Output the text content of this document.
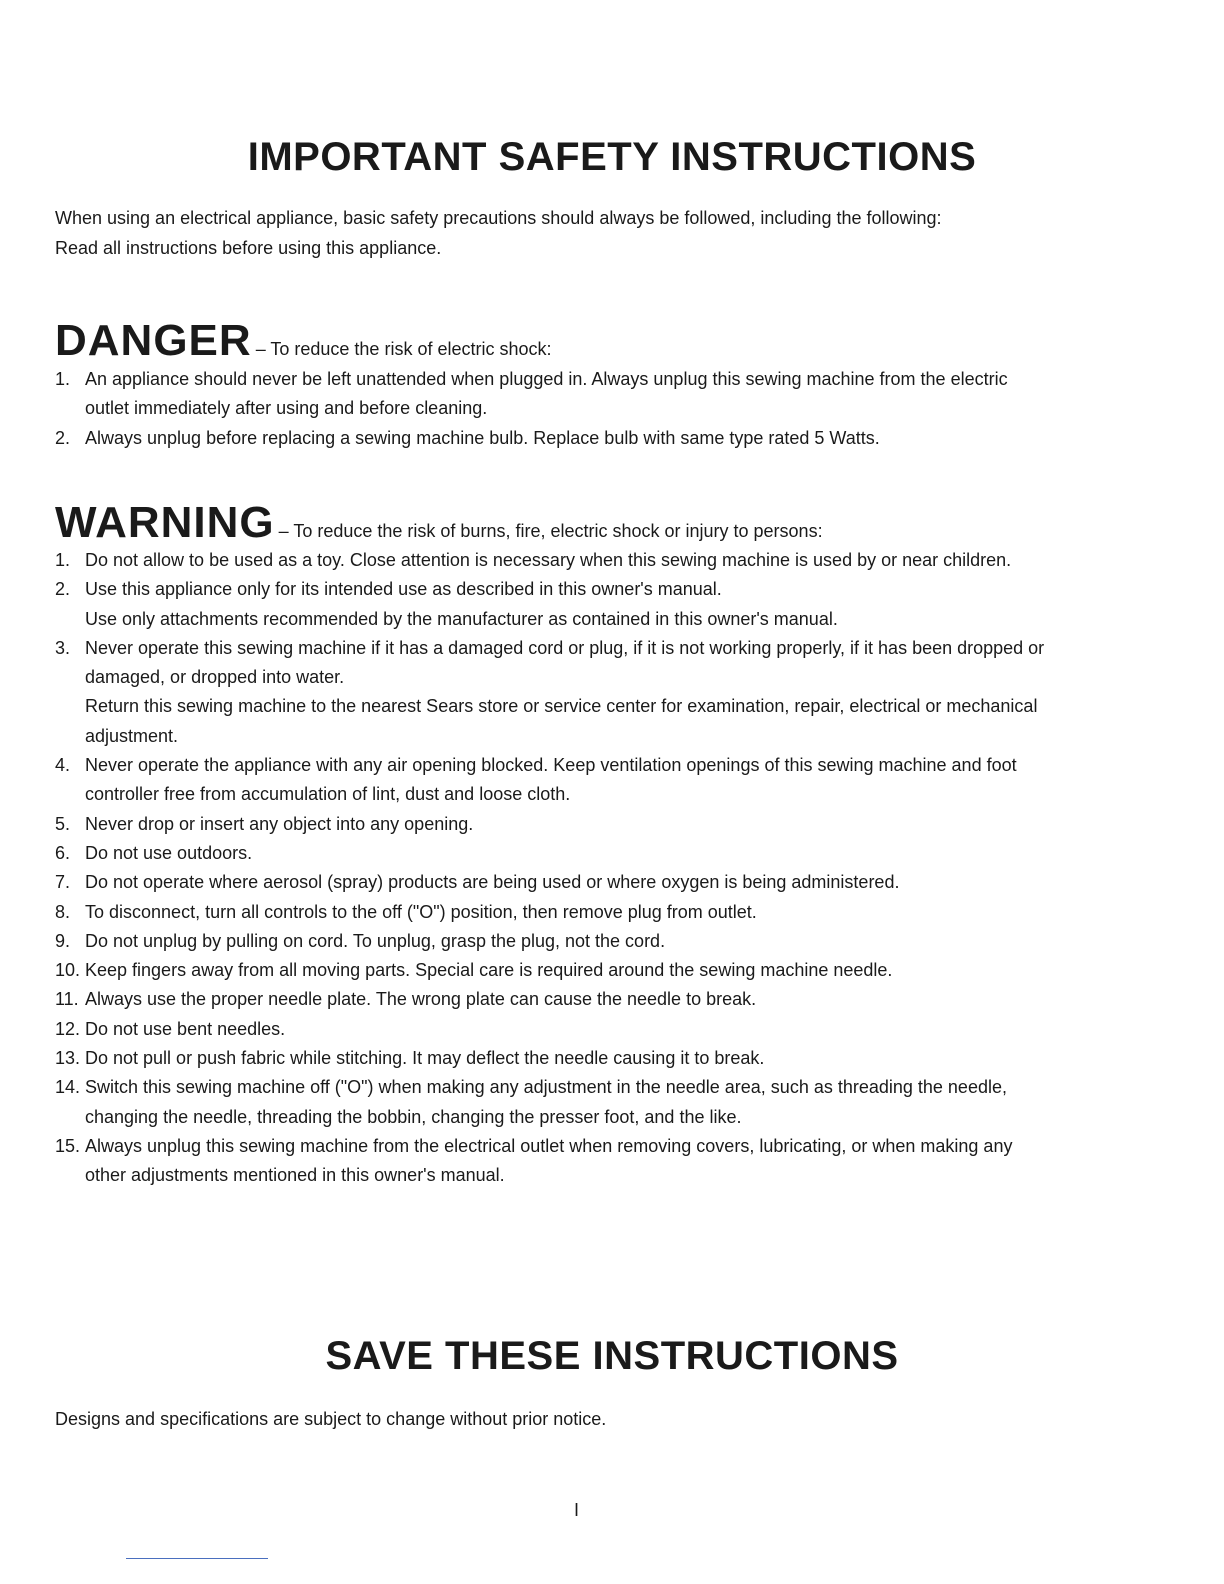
IMPORTANT SAFETY INSTRUCTIONS
When using an electrical appliance, basic safety precautions should always be followed, including the following:
Read all instructions before using this appliance.
DANGER – To reduce the risk of electric shock:
1. An appliance should never be left unattended when plugged in. Always unplug this sewing machine from the electric
outlet immediately after using and before cleaning.
2. Always unplug before replacing a sewing machine bulb. Replace bulb with same type rated 5 Watts.
WARNING – To reduce the risk of burns, fire, electric shock or injury to persons:
1. Do not allow to be used as a toy. Close attention is necessary when this sewing machine is used by or near children.
2. Use this appliance only for its intended use as described in this owner's manual.
Use only attachments recommended by the manufacturer as contained in this owner's manual.
3. Never operate this sewing machine if it has a damaged cord or plug, if it is not working properly, if it has been dropped or
damaged, or dropped into water.
Return this sewing machine to the nearest Sears store or service center for examination, repair, electrical or mechanical
adjustment.
4. Never operate the appliance with any air opening blocked. Keep ventilation openings of this sewing machine and foot
controller free from accumulation of lint, dust and loose cloth.
5. Never drop or insert any object into any opening.
6. Do not use outdoors.
7. Do not operate where aerosol (spray) products are being used or where oxygen is being administered.
8. To disconnect, turn all controls to the off ("O") position, then remove plug from outlet.
9. Do not unplug by pulling on cord. To unplug, grasp the plug, not the cord.
10. Keep fingers away from all moving parts. Special care is required around the sewing machine needle.
11. Always use the proper needle plate. The wrong plate can cause the needle to break.
12. Do not use bent needles.
13. Do not pull or push fabric while stitching. It may deflect the needle causing it to break.
14. Switch this sewing machine off ("O") when making any adjustment in the needle area, such as threading the needle,
changing the needle, threading the bobbin, changing the presser foot, and the like.
15. Always unplug this sewing machine from the electrical outlet when removing covers, lubricating, or when making any
other adjustments mentioned in this owner's manual.
SAVE THESE INSTRUCTIONS
Designs and specifications are subject to change without prior notice.
I
